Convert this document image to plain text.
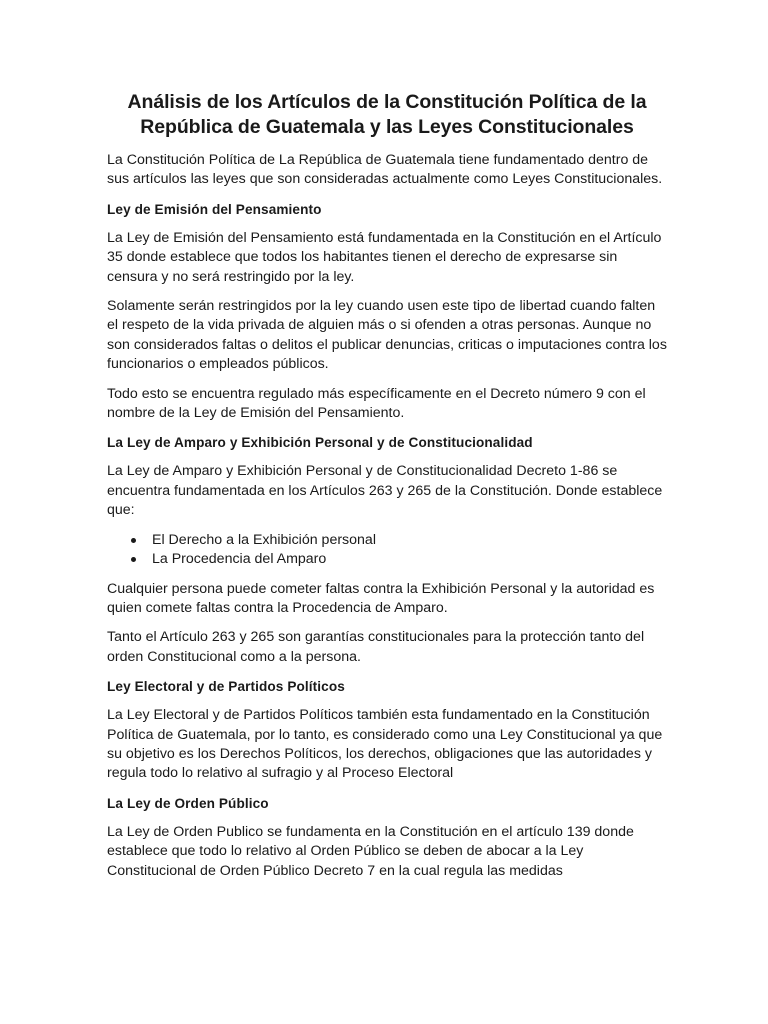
Análisis de los Artículos de la Constitución Política de la República de Guatemala y las Leyes Constitucionales

La Constitución Política de La República de Guatemala tiene fundamentado dentro de sus artículos las leyes que son consideradas actualmente como Leyes Constitucionales.

Ley de Emisión del Pensamiento

La Ley de Emisión del Pensamiento está fundamentada en la Constitución en el Artículo 35 donde establece que todos los habitantes tienen el derecho de expresarse sin censura y no será restringido por la ley.

Solamente serán restringidos por la ley cuando usen este tipo de libertad cuando falten el respeto de la vida privada de alguien más o si ofenden a otras personas. Aunque no son considerados faltas o delitos el publicar denuncias, criticas o imputaciones contra los funcionarios o empleados públicos.

Todo esto se encuentra regulado más específicamente en el Decreto número 9 con el nombre de la Ley de Emisión del Pensamiento.

La Ley de Amparo y Exhibición Personal y de Constitucionalidad

La Ley de Amparo y Exhibición Personal y de Constitucionalidad Decreto 1-86 se encuentra fundamentada en los Artículos 263 y 265 de la Constitución. Donde establece que:

El Derecho a la Exhibición personal
La Procedencia del Amparo

Cualquier persona puede cometer faltas contra la Exhibición Personal y la autoridad es quien comete faltas contra la Procedencia de Amparo.

Tanto el Artículo 263 y 265 son garantías constitucionales para la protección tanto del orden Constitucional como a la persona.

Ley Electoral y de Partidos Políticos

La Ley Electoral y de Partidos Políticos también esta fundamentado en la Constitución Política de Guatemala, por lo tanto, es considerado como una Ley Constitucional ya que su objetivo es los Derechos Políticos, los derechos, obligaciones que las autoridades y regula todo lo relativo al sufragio y al Proceso Electoral

La Ley de Orden Público

La Ley de Orden Publico se fundamenta en la Constitución en el artículo 139 donde establece que todo lo relativo al Orden Público se deben de abocar a la Ley Constitucional de Orden Público Decreto 7 en la cual regula las medidas
